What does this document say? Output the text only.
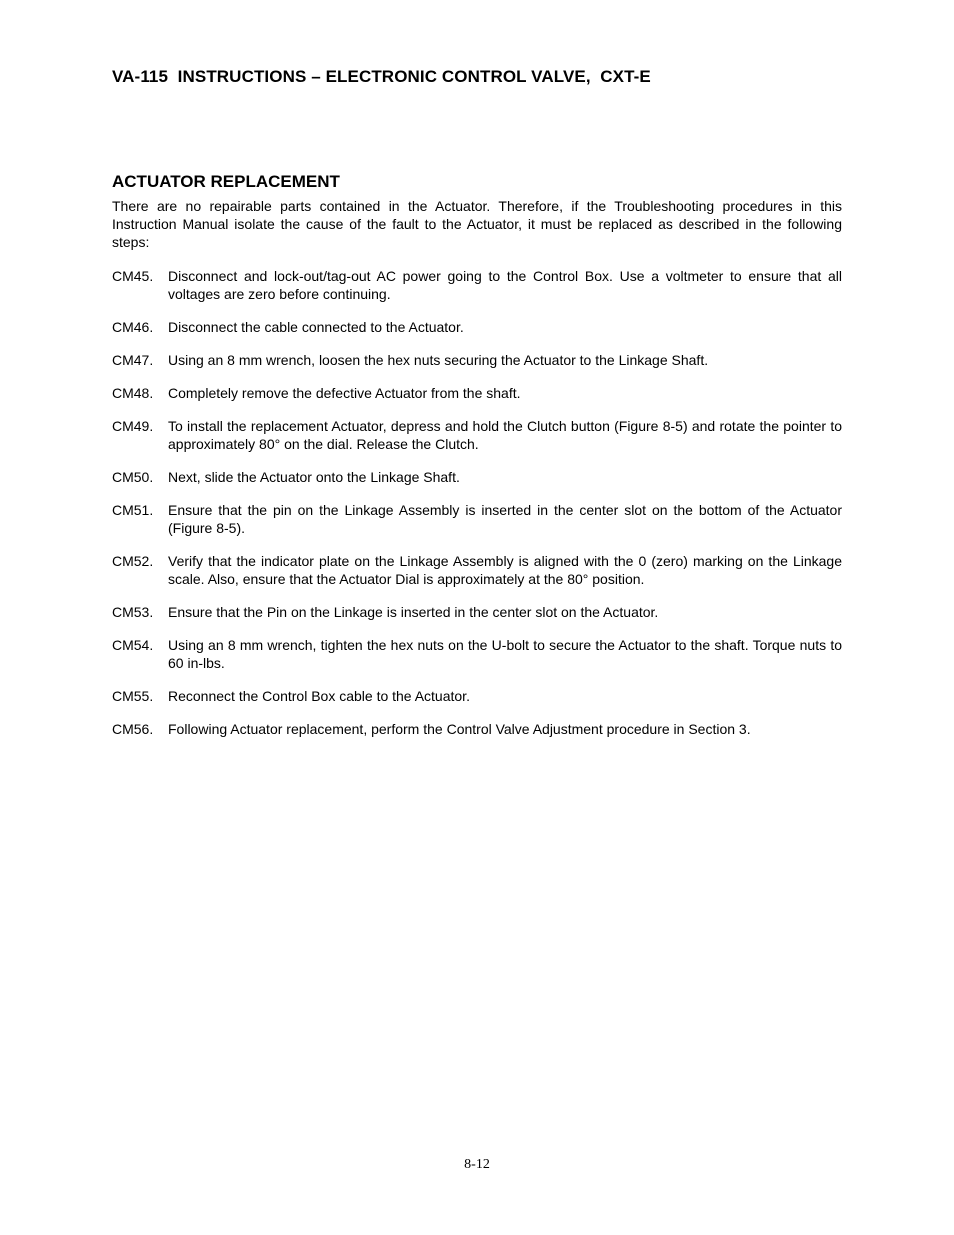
VA-115  INSTRUCTIONS – ELECTRONIC CONTROL VALVE,  CXT-E
ACTUATOR REPLACEMENT

There are no repairable parts contained in the Actuator. Therefore, if the Troubleshooting procedures in this Instruction Manual isolate the cause of the fault to the Actuator, it must be replaced as described in the following steps:

CM45.	Disconnect and lock-out/tag-out AC power going to the Control Box. Use a voltmeter to ensure that all voltages are zero before continuing.
CM46.	Disconnect the cable connected to the Actuator.
CM47.	Using an 8 mm wrench, loosen the hex nuts securing the Actuator to the Linkage Shaft.
CM48.	Completely remove the defective Actuator from the shaft.
CM49.	To install the replacement Actuator, depress and hold the Clutch button (Figure 8-5) and rotate the pointer to approximately 80° on the dial. Release the Clutch.
CM50.	Next, slide the Actuator onto the Linkage Shaft.
CM51.	Ensure that the pin on the Linkage Assembly is inserted in the center slot on the bottom of the Actuator (Figure 8-5).
CM52.	Verify that the indicator plate on the Linkage Assembly is aligned with the 0 (zero) marking on the Linkage scale. Also, ensure that the Actuator Dial is approximately at the 80° position.
CM53.	Ensure that the Pin on the Linkage is inserted in the center slot on the Actuator.
CM54.	Using an 8 mm wrench, tighten the hex nuts on the U-bolt to secure the Actuator to the shaft. Torque nuts to 60 in-lbs.
CM55.	Reconnect the Control Box cable to the Actuator.
CM56.	Following Actuator replacement, perform the Control Valve Adjustment procedure in Section 3.
8-12
